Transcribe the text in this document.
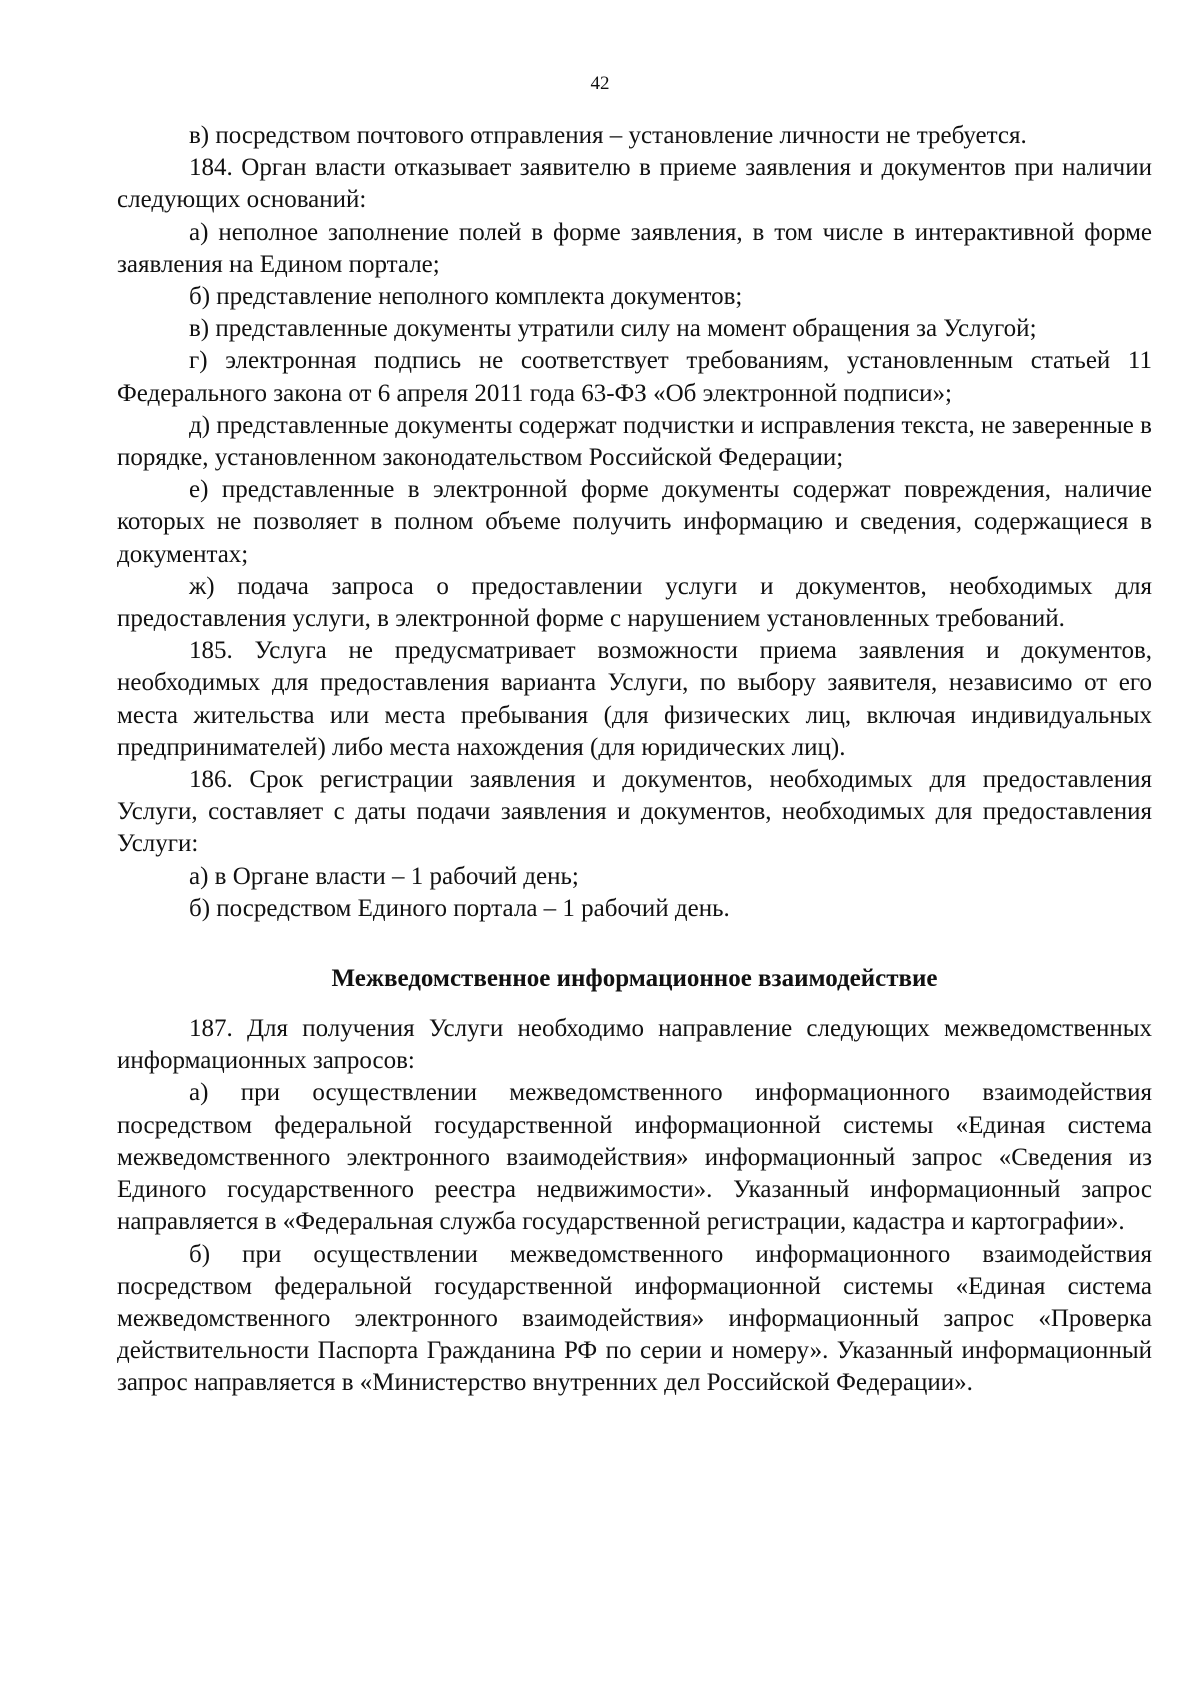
42

в) посредством почтового отправления – установление личности не требуется.

184. Орган власти отказывает заявителю в приеме заявления и документов при наличии следующих оснований:

а) неполное заполнение полей в форме заявления, в том числе в интерактивной форме заявления на Едином портале;

б) представление неполного комплекта документов;

в) представленные документы утратили силу на момент обращения за Услугой;

г) электронная подпись не соответствует требованиям, установленным статьей 11 Федерального закона от 6 апреля 2011 года 63-ФЗ «Об электронной подписи»;

д) представленные документы содержат подчистки и исправления текста, не заверенные в порядке, установленном законодательством Российской Федерации;

е) представленные в электронной форме документы содержат повреждения, наличие которых не позволяет в полном объеме получить информацию и сведения, содержащиеся в документах;

ж) подача запроса о предоставлении услуги и документов, необходимых для предоставления услуги, в электронной форме с нарушением установленных требований.

185. Услуга не предусматривает возможности приема заявления и документов, необходимых для предоставления варианта Услуги, по выбору заявителя, независимо от его места жительства или места пребывания (для физических лиц, включая индивидуальных предпринимателей) либо места нахождения (для юридических лиц).

186. Срок регистрации заявления и документов, необходимых для предоставления Услуги, составляет с даты подачи заявления и документов, необходимых для предоставления Услуги:

а) в Органе власти – 1 рабочий день;

б) посредством Единого портала – 1 рабочий день.

Межведомственное информационное взаимодействие

187. Для получения Услуги необходимо направление следующих межведомственных информационных запросов:

а) при осуществлении межведомственного информационного взаимодействия посредством федеральной государственной информационной системы «Единая система межведомственного электронного взаимодействия» информационный запрос «Сведения из Единого государственного реестра недвижимости». Указанный информационный запрос направляется в «Федеральная служба государственной регистрации, кадастра и картографии».

б) при осуществлении межведомственного информационного взаимодействия посредством федеральной государственной информационной системы «Единая система межведомственного электронного взаимодействия» информационный запрос «Проверка действительности Паспорта Гражданина РФ по серии и номеру». Указанный информационный запрос направляется в «Министерство внутренних дел Российской Федерации».
